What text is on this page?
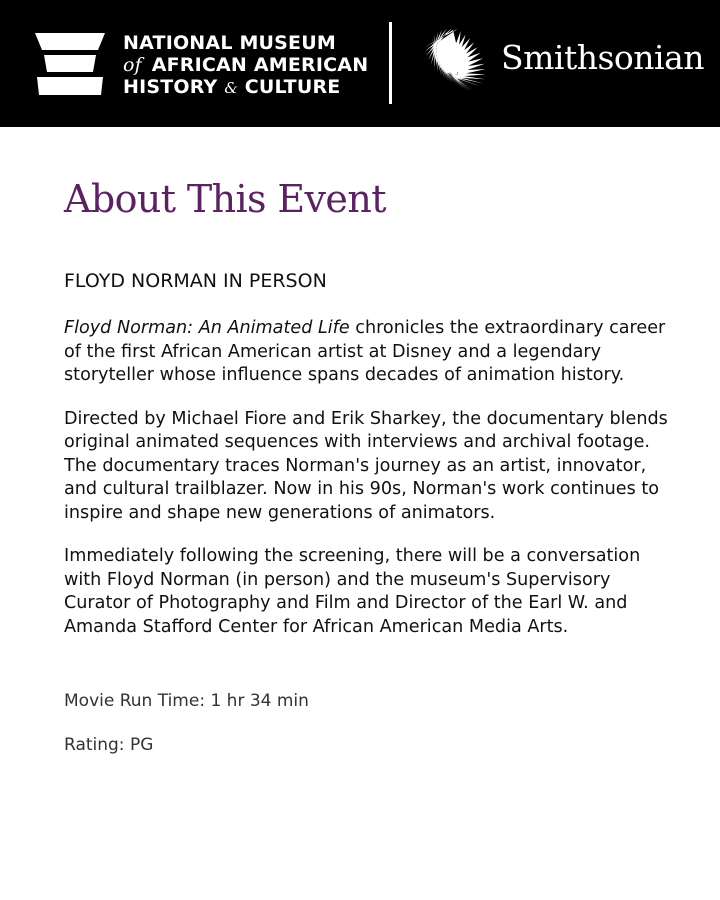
NATIONAL MUSEUM
of AFRICAN AMERICAN
HISTORY & CULTURE
Smithsonian
About This Event
FLOYD NORMAN IN PERSON

Floyd Norman: An Animated Life chronicles the extraordinary career of the first African American artist at Disney and a legendary storyteller whose influence spans decades of animation history.

Directed by Michael Fiore and Erik Sharkey, the documentary blends original animated sequences with interviews and archival footage. The documentary traces Norman's journey as an artist, innovator, and cultural trailblazer. Now in his 90s, Norman's work continues to inspire and shape new generations of animators.

Immediately following the screening, there will be a conversation with Floyd Norman (in person) and the museum's Supervisory Curator of Photography and Film and Director of the Earl W. and Amanda Stafford Center for African American Media Arts.

Movie Run Time: 1 hr 34 min

Rating: PG
